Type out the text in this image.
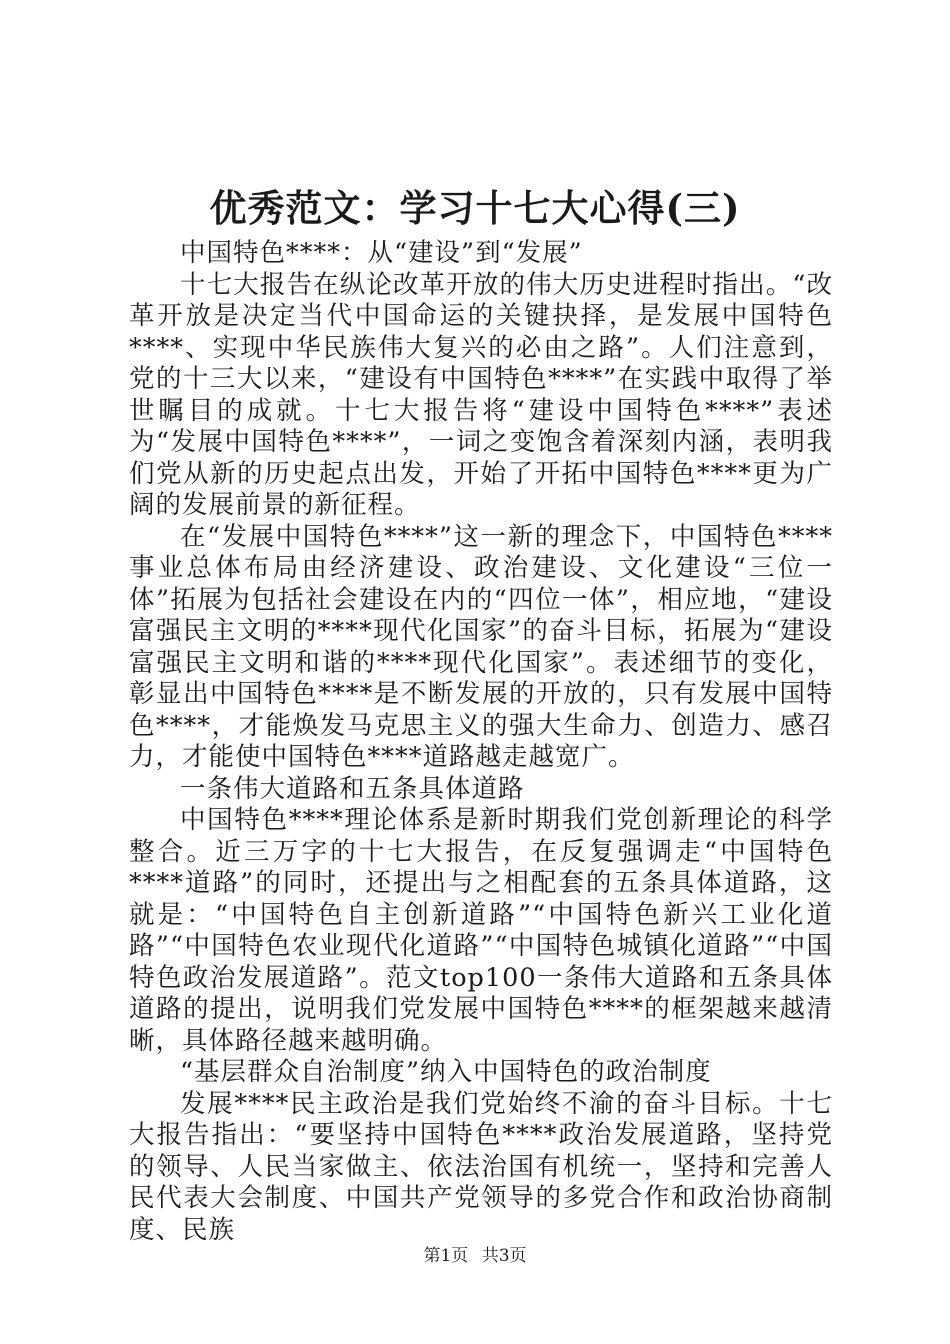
优秀范文：学习十七大心得(三)

中国特色****：从“建设”到“发展”

十七大报告在纵论改革开放的伟大历史进程时指出。“改革开放是决定当代中国命运的关键抉择，是发展中国特色****、实现中华民族伟大复兴的必由之路”。人们注意到，党的十三大以来，“建设有中国特色****”在实践中取得了举世瞩目的成就。十七大报告将“建设中国特色****”表述为“发展中国特色****”，一词之变饱含着深刻内涵，表明我们党从新的历史起点出发，开始了开拓中国特色****更为广阔的发展前景的新征程。

在“发展中国特色****”这一新的理念下，中国特色****事业总体布局由经济建设、政治建设、文化建设“三位一体”拓展为包括社会建设在内的“四位一体”，相应地，“建设富强民主文明的****现代化国家”的奋斗目标，拓展为“建设富强民主文明和谐的****现代化国家”。表述细节的变化，彰显出中国特色****是不断发展的开放的，只有发展中国特色****，才能焕发马克思主义的强大生命力、创造力、感召力，才能使中国特色****道路越走越宽广。

一条伟大道路和五条具体道路

中国特色****理论体系是新时期我们党创新理论的科学整合。近三万字的十七大报告，在反复强调走“中国特色****道路”的同时，还提出与之相配套的五条具体道路，这就是：“中国特色自主创新道路”“中国特色新兴工业化道路”“中国特色农业现代化道路”“中国特色城镇化道路”“中国特色政治发展道路”。范文top100一条伟大道路和五条具体道路的提出，说明我们党发展中国特色****的框架越来越清晰，具体路径越来越明确。

“基层群众自治制度”纳入中国特色的政治制度

发展****民主政治是我们党始终不渝的奋斗目标。十七大报告指出：“要坚持中国特色****政治发展道路，坚持党的领导、人民当家做主、依法治国有机统一，坚持和完善人民代表大会制度、中国共产党领导的多党合作和政治协商制度、民族

第1页 共3页
